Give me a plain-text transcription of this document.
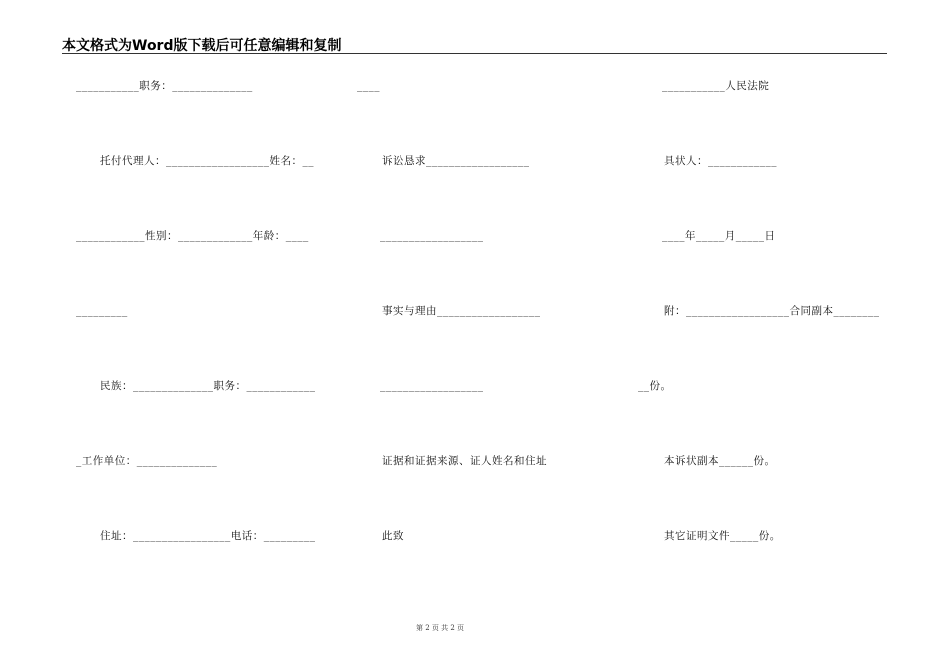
本文格式为Word版下载后可任意编辑和复制
___________职务：______________
托付代理人：__________________姓名：__
____________性别：_____________年龄：____
_________
民族：______________职务：____________
_工作单位：______________
住址：_________________电话：_________
____
诉讼恳求__________________
__________________
事实与理由__________________
__________________
证据和证据来源、证人姓名和住址
此致
___________人民法院
具状人：____________
____年_____月_____日
附：__________________合同副本________
__份。
本诉状副本______份。
其它证明文件_____份。
第 2 页 共 2 页
